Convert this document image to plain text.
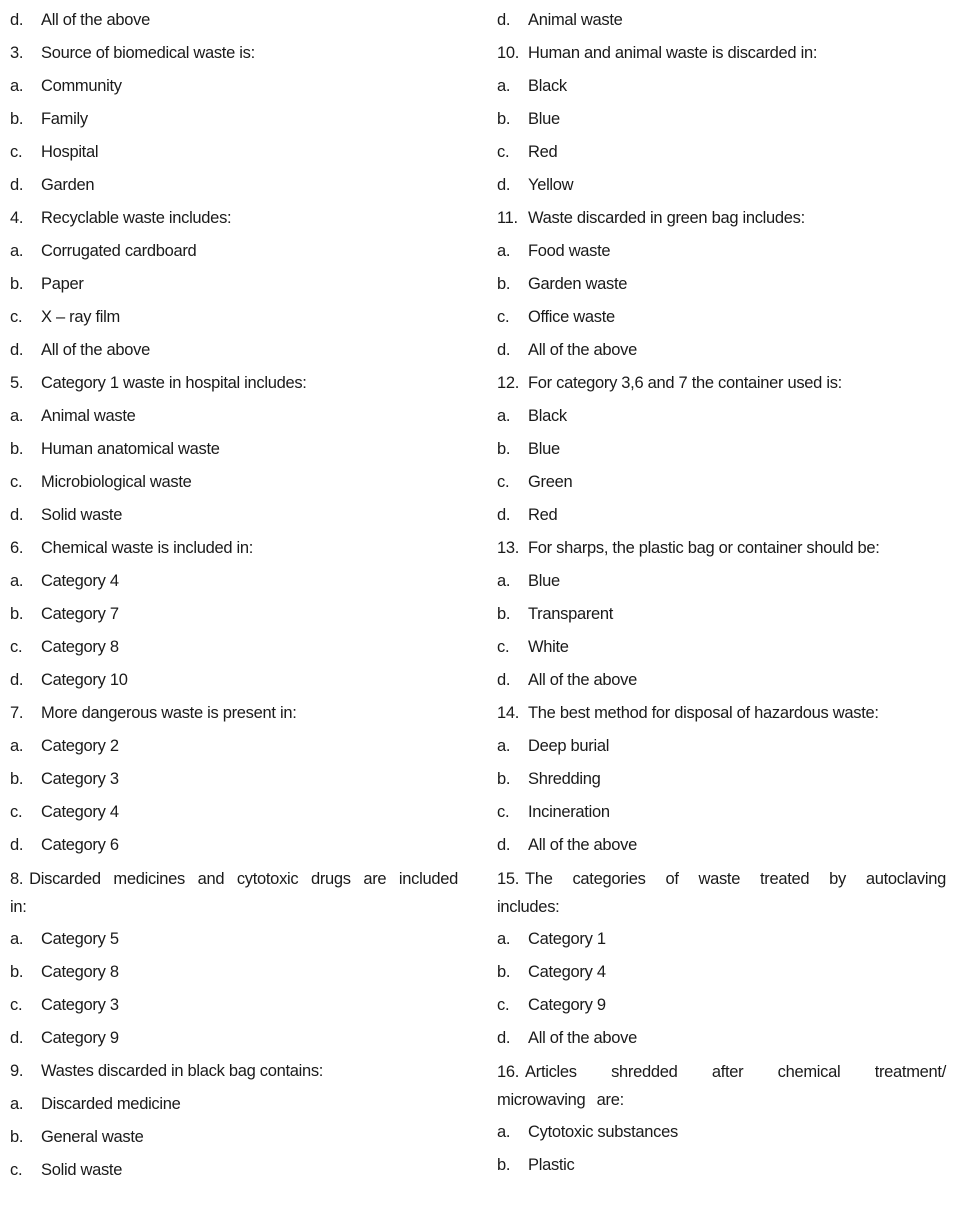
d.	All of the above
3.	Source of biomedical waste is:
a.	Community
b.	Family
c.	Hospital
d.	Garden
4.	Recyclable waste includes:
a.	Corrugated cardboard
b.	Paper
c.	X – ray film
d.	All of the above
5.	Category 1 waste in hospital includes:
a.	Animal waste
b.	Human anatomical waste
c.	Microbiological waste
d.	Solid waste
6.	Chemical waste is included in:
a.	Category 4
b.	Category 7
c.	Category 8
d.	Category 10
7.	More dangerous waste is present in:
a.	Category 2
b.	Category 3
c.	Category 4
d.	Category 6
8. Discarded medicines and cytotoxic drugs are included in:
a.	Category 5
b.	Category 8
c.	Category 3
d.	Category 9
9.	Wastes discarded in black bag contains:
a.	Discarded medicine
b.	General waste
c.	Solid waste
d.	Animal waste
10. Human and animal waste is discarded in:
a.	Black
b.	Blue
c.	Red
d.	Yellow
11. Waste discarded in green bag includes:
a.	Food waste
b.	Garden waste
c.	Office waste
d.	All of the above
12. For category 3,6 and 7 the container used is:
a.	Black
b.	Blue
c.	Green
d.	Red
13. For sharps, the plastic bag or container should be:
a.	Blue
b.	Transparent
c.	White
d.	All of the above
14. The best method for disposal of hazardous waste:
a.	Deep burial
b.	Shredding
c.	Incineration
d.	All of the above
15. The categories of waste treated by autoclaving includes:
a.	Category 1
b.	Category 4
c.	Category 9
d.	All of the above
16. Articles shredded after chemical treatment/ microwaving are:
a.	Cytotoxic substances
b.	Plastic
